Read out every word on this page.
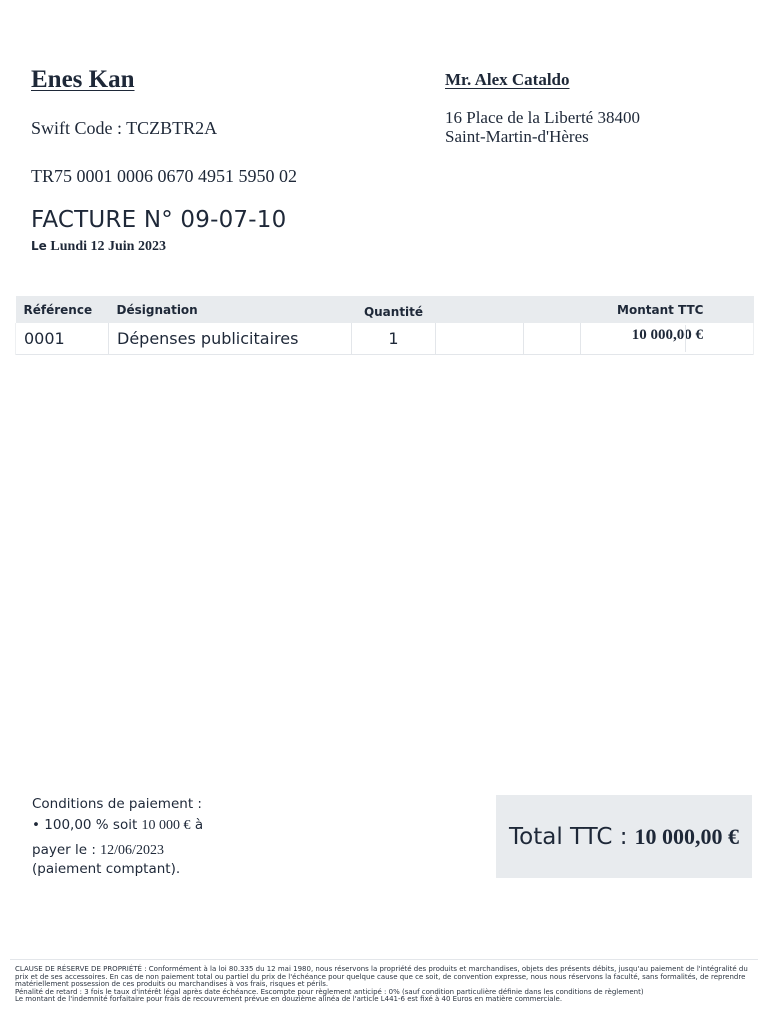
Enes Kan
Swift Code : TCZBTR2A
TR75 0001 0006 0670 4951 5950 02
FACTURE N° 09-07-10
Le Lundi 12 Juin 2023
Mr. Alex Cataldo
16 Place de la Liberté 38400
Saint-Martin-d'Hères
Référence	Désignation	Quantité			Montant TTC
0001	Dépenses publicitaires	1			10 000,00 €
Conditions de paiement :
• 100,00 % soit 10 000 € à
payer le : 12/06/2023
(paiement comptant).
Total TTC : 10 000,00 €
CLAUSE DE RÉSERVE DE PROPRIÉTÉ : Conformément à la loi 80.335 du 12 mai 1980, nous réservons la propriété des produits et marchandises, objets des présents débits, jusqu'au paiement de l'intégralité du prix et de ses accessoires. En cas de non paiement total ou partiel du prix de l'échéance pour quelque cause que ce soit, de convention expresse, nous nous réservons la faculté, sans formalités, de reprendre matériellement possession de ces produits ou marchandises à vos frais, risques et périls.
Pénalité de retard : 3 fois le taux d'intérêt légal après date échéance. Escompte pour règlement anticipé : 0% (sauf condition particulière définie dans les conditions de règlement)
Le montant de l'indemnité forfaitaire pour frais de recouvrement prévue en douzième alinéa de l'article L441-6 est fixé à 40 Euros en matière commerciale.
